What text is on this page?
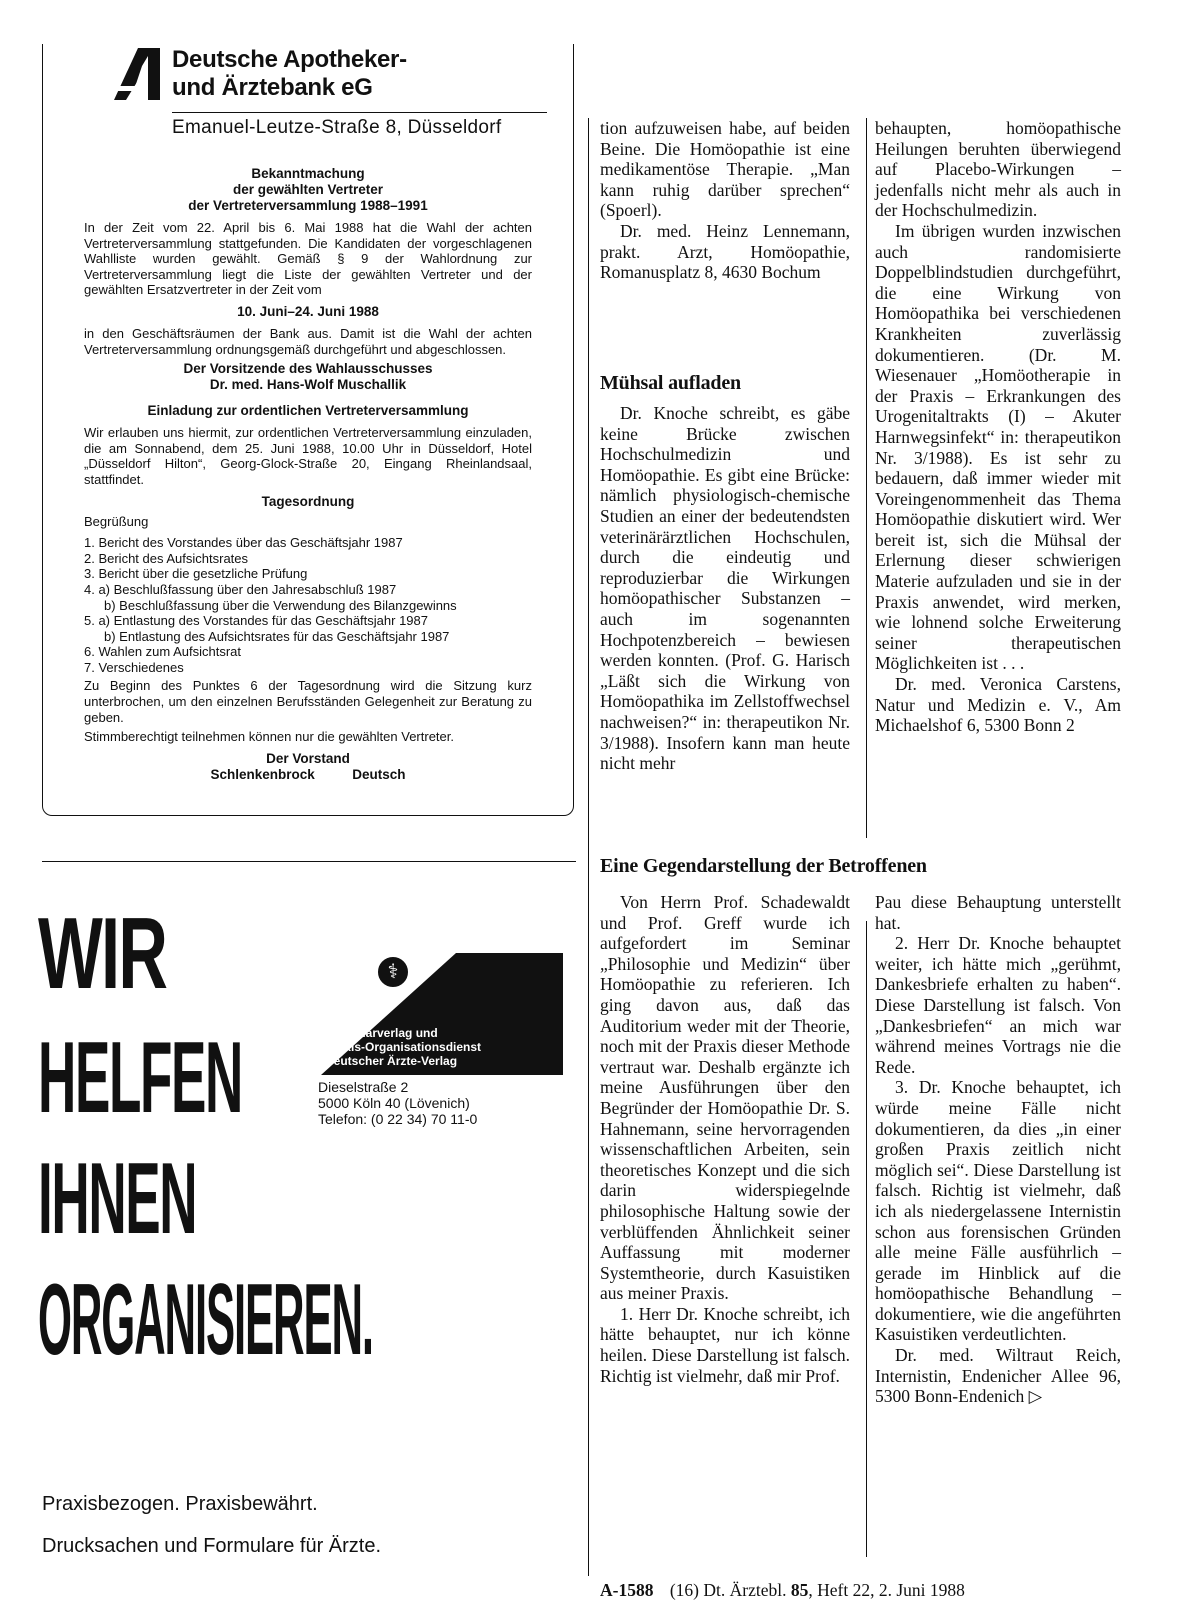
Deutsche Apotheker-
und Ärztebank eG
Emanuel-Leutze-Straße 8, Düsseldorf
Bekanntmachung
der gewählten Vertreter
der Vertreterversammlung 1988–1991
In der Zeit vom 22. April bis 6. Mai 1988 hat die Wahl der achten Vertreterversammlung stattgefunden. Die Kandidaten der vorgeschlagenen Wahlliste wurden gewählt. Gemäß § 9 der Wahlordnung zur Vertreterversammlung liegt die Liste der gewählten Vertreter und der gewählten Ersatzvertreter in der Zeit vom
10. Juni–24. Juni 1988
in den Geschäftsräumen der Bank aus. Damit ist die Wahl der achten Vertreterversammlung ordnungsgemäß durchgeführt und abgeschlossen.
Der Vorsitzende des Wahlausschusses
Dr. med. Hans-Wolf Muschallik
Einladung zur ordentlichen Vertreterversammlung
Wir erlauben uns hiermit, zur ordentlichen Vertreterversammlung einzuladen, die am Sonnabend, dem 25. Juni 1988, 10.00 Uhr in Düsseldorf, Hotel „Düsseldorf Hilton“, Georg-Glock-Straße 20, Eingang Rheinlandsaal, stattfindet.
Tagesordnung
Begrüßung
1. Bericht des Vorstandes über das Geschäftsjahr 1987
2. Bericht des Aufsichtsrates
3. Bericht über die gesetzliche Prüfung
4. a) Beschlußfassung über den Jahresabschluß 1987
b) Beschlußfassung über die Verwendung des Bilanzgewinns
5. a) Entlastung des Vorstandes für das Geschäftsjahr 1987
b) Entlastung des Aufsichtsrates für das Geschäftsjahr 1987
6. Wahlen zum Aufsichtsrat
7. Verschiedenes
Zu Beginn des Punktes 6 der Tagesordnung wird die Sitzung kurz unterbrochen, um den einzelnen Berufsständen Gelegenheit zur Beratung zu geben.
Stimmberechtigt teilnehmen können nur die gewählten Vertreter.
Der Vorstand
Schlenkenbrock          Deutsch
WIR
HELFEN
IHNEN
ORGANISIEREN.
⚕
Formularverlag und
Praxis-Organisationsdienst
Deutscher Ärzte-Verlag
Dieselstraße 2
5000 Köln 40 (Lövenich)
Telefon: (0 22 34) 70 11-0
Praxisbezogen. Praxisbewährt.
Drucksachen und Formulare für Ärzte.

tion aufzuweisen habe, auf beiden Beine. Die Homöopathie ist eine medikamentöse Therapie. „Man kann ruhig darüber sprechen“ (Spoerl).

Dr. med. Heinz Lennemann, prakt. Arzt, Homöopathie, Romanusplatz 8, 4630 Bochum

Mühsal aufladen

Dr. Knoche schreibt, es gäbe keine Brücke zwischen Hochschulmedizin und Homöopathie. Es gibt eine Brücke: nämlich physiologisch-chemische Studien an einer der bedeutendsten veterinärärztlichen Hochschulen, durch die eindeutig und reproduzierbar die Wirkungen homöopathischer Substanzen – auch im sogenannten Hochpotenzbereich – bewiesen werden konnten. (Prof. G. Harisch „Läßt sich die Wirkung von Homöopathika im Zellstoffwechsel nachweisen?“ in: therapeutikon Nr. 3/1988). Insofern kann man heute nicht mehr

behaupten, homöopathische Heilungen beruhten überwiegend auf Placebo-Wirkungen – jedenfalls nicht mehr als auch in der Hochschulmedizin.

Im übrigen wurden inzwischen auch randomisierte Doppelblindstudien durchgeführt, die eine Wirkung von Homöopathika bei verschiedenen Krankheiten zuverlässig dokumentieren. (Dr. M. Wiesenauer „Homöotherapie in der Praxis – Erkrankungen des Urogenitaltrakts (I) – Akuter Harnwegsinfekt“ in: therapeutikon Nr. 3/1988). Es ist sehr zu bedauern, daß immer wieder mit Voreingenommenheit das Thema Homöopathie diskutiert wird. Wer bereit ist, sich die Mühsal der Erlernung dieser schwierigen Materie aufzuladen und sie in der Praxis anwendet, wird merken, wie lohnend solche Erweiterung seiner therapeutischen Möglichkeiten ist . . .

Dr. med. Veronica Carstens, Natur und Medizin e. V., Am Michaelshof 6, 5300 Bonn 2

Eine Gegendarstellung der Betroffenen

Von Herrn Prof. Schadewaldt und Prof. Greff wurde ich aufgefordert im Seminar „Philosophie und Medizin“ über Homöopathie zu referieren. Ich ging davon aus, daß das Auditorium weder mit der Theorie, noch mit der Praxis dieser Methode vertraut war. Deshalb ergänzte ich meine Ausführungen über den Begründer der Homöopathie Dr. S. Hahnemann, seine hervorragenden wissenschaftlichen Arbeiten, sein theoretisches Konzept und die sich darin widerspiegelnde philosophische Haltung sowie der verblüffenden Ähnlichkeit seiner Auffassung mit moderner Systemtheorie, durch Kasuistiken aus meiner Praxis.

1. Herr Dr. Knoche schreibt, ich hätte behauptet, nur ich könne heilen. Diese Darstellung ist falsch. Richtig ist vielmehr, daß mir Prof.

Pau diese Behauptung unterstellt hat.

2. Herr Dr. Knoche behauptet weiter, ich hätte mich „gerühmt, Dankesbriefe erhalten zu haben“. Diese Darstellung ist falsch. Von „Dankesbriefen“ an mich war während meines Vortrags nie die Rede.

3. Dr. Knoche behauptet, ich würde meine Fälle nicht dokumentieren, da dies „in einer großen Praxis zeitlich nicht möglich sei“. Diese Darstellung ist falsch. Richtig ist vielmehr, daß ich als niedergelassene Internistin schon aus forensischen Gründen alle meine Fälle ausführlich – gerade im Hinblick auf die homöopathische Behandlung – dokumentiere, wie die angeführten Kasuistiken verdeutlichten.

Dr. med. Wiltraut Reich, Internistin, Endenicher Allee 96, 5300 Bonn-Endenich ▷

A-1588 (16) Dt. Ärztebl. 85, Heft 22, 2. Juni 1988
